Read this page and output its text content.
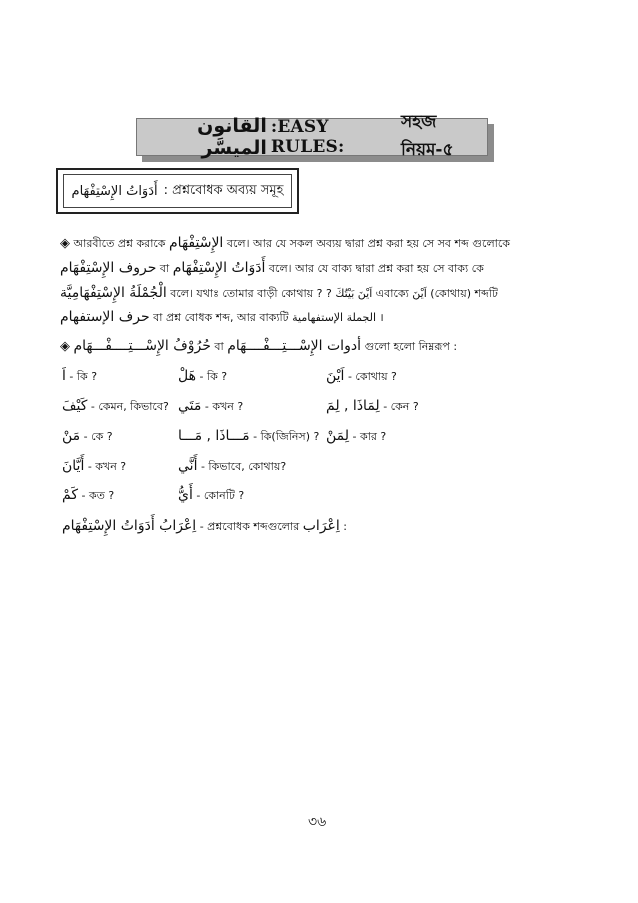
القانون الميسَّر
:EASY RULES:
সহজ নিয়ম-৫
أَدَوَاتُ الإِسْتِفْهَام : প্রশ্নবোধক অব্যয় সমূহ
◈ আরবীতে প্রশ্ন করাকে الإِسْتِفْهَام বলে। আর যে সকল অব্যয় দ্বারা প্রশ্ন করা হয় সে সব শব্দ গুলোকে
حروف الإِسْتِفْهَام বা أَدَوَاتُ الإِسْتِفْهَام বলে। আর যে বাক্য দ্বারা প্রশ্ন করা হয় সে বাক্য কে
الْجُمْلَةُ الإِسْتِفْهَامِيَّة বলে। যথাঃ তোমার বাড়ী কোথায় ? ? اَيْنَ بَيْتُكَ এবাক্যে اَيْنَ (কোথায়) শব্দটি
حرف الإستفهام বা প্রশ্ন বোধক শব্দ, আর বাক্যটি الجملة الإستفهامية ।
◈ حُرُوْفُ الإِسْـــتِــــفْـــهَام বা أدوات الإِسْـــتِـــفْــــهَام গুলো হলো নিম্নরূপ :
اَ - কি ?	هَلْ - কি ?	اَيْنَ - কোথায় ?
كَيْفَ - কেমন, কিভাবে? مَتَي - কখন ?	لِمَاذَا , لِمَ - কেন ?
مَنْ - কে ?	مَـــاذَا , مَـــا - কি(জিনিস) ? لِمَنْ - কার ?
أَيَّانَ - কখন ?	أَنَّي - কিভাবে, কোথায়?
كَمْ - কত ?	أَيُّ - কোনটি ?
اِعْرَابُ أَدَوَاتُ الإِسْتِفْهَام - প্রশ্নবোধক শব্দগুলোর اِعْرَاب :
৩৬
